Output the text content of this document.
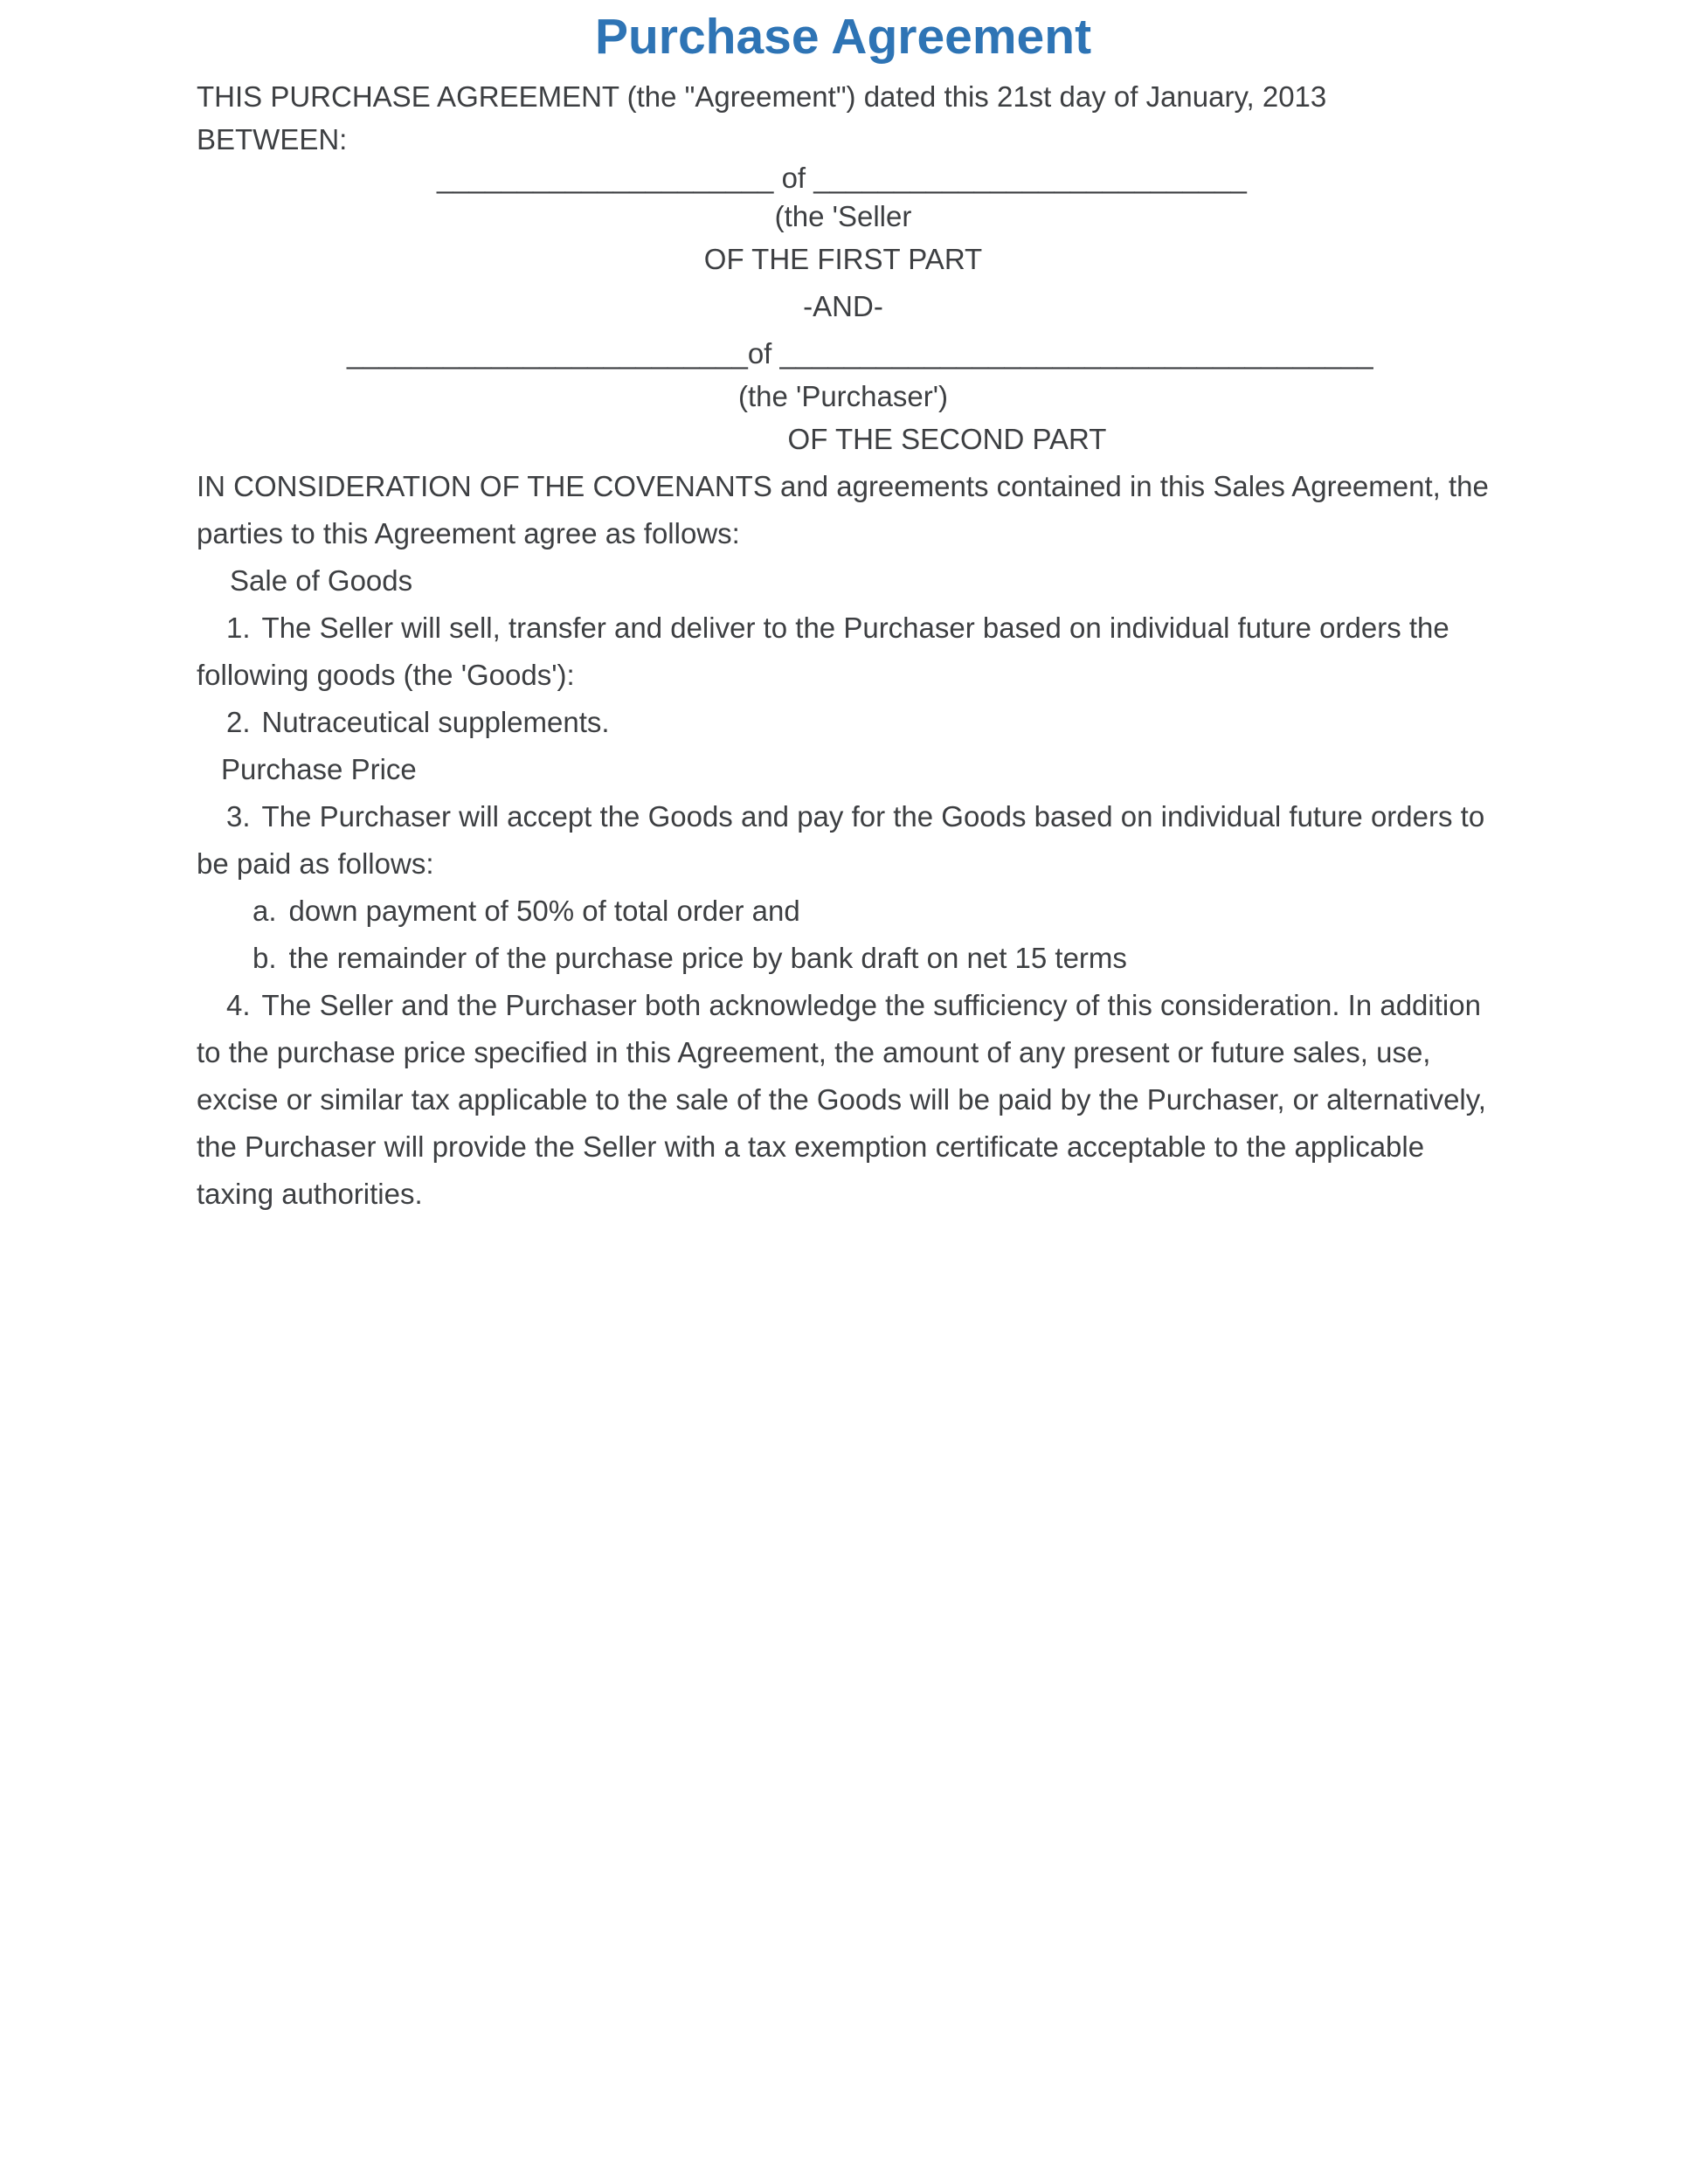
Purchase Agreement

THIS PURCHASE AGREEMENT (the "Agreement") dated this 21st day of January, 2013

BETWEEN:

_____________________ of ___________________________

(the 'Seller

OF THE FIRST PART

-AND-

_________________________of _____________________________________

(the 'Purchaser')

OF THE SECOND PART

IN CONSIDERATION OF THE COVENANTS and agreements contained in this Sales Agreement, the parties to this Agreement agree as follows:

Sale of Goods

1. The Seller will sell, transfer and deliver to the Purchaser based on individual future orders the following goods (the 'Goods'):

2. Nutraceutical supplements.

Purchase Price

3. The Purchaser will accept the Goods and pay for the Goods based on individual future orders to be paid as follows:

a. down payment of 50% of total order and

b. the remainder of the purchase price by bank draft on net 15 terms

4. The Seller and the Purchaser both acknowledge the sufficiency of this consideration. In addition to the purchase price specified in this Agreement, the amount of any present or future sales, use, excise or similar tax applicable to the sale of the Goods will be paid by the Purchaser, or alternatively, the Purchaser will provide the Seller with a tax exemption certificate acceptable to the applicable taxing authorities.
